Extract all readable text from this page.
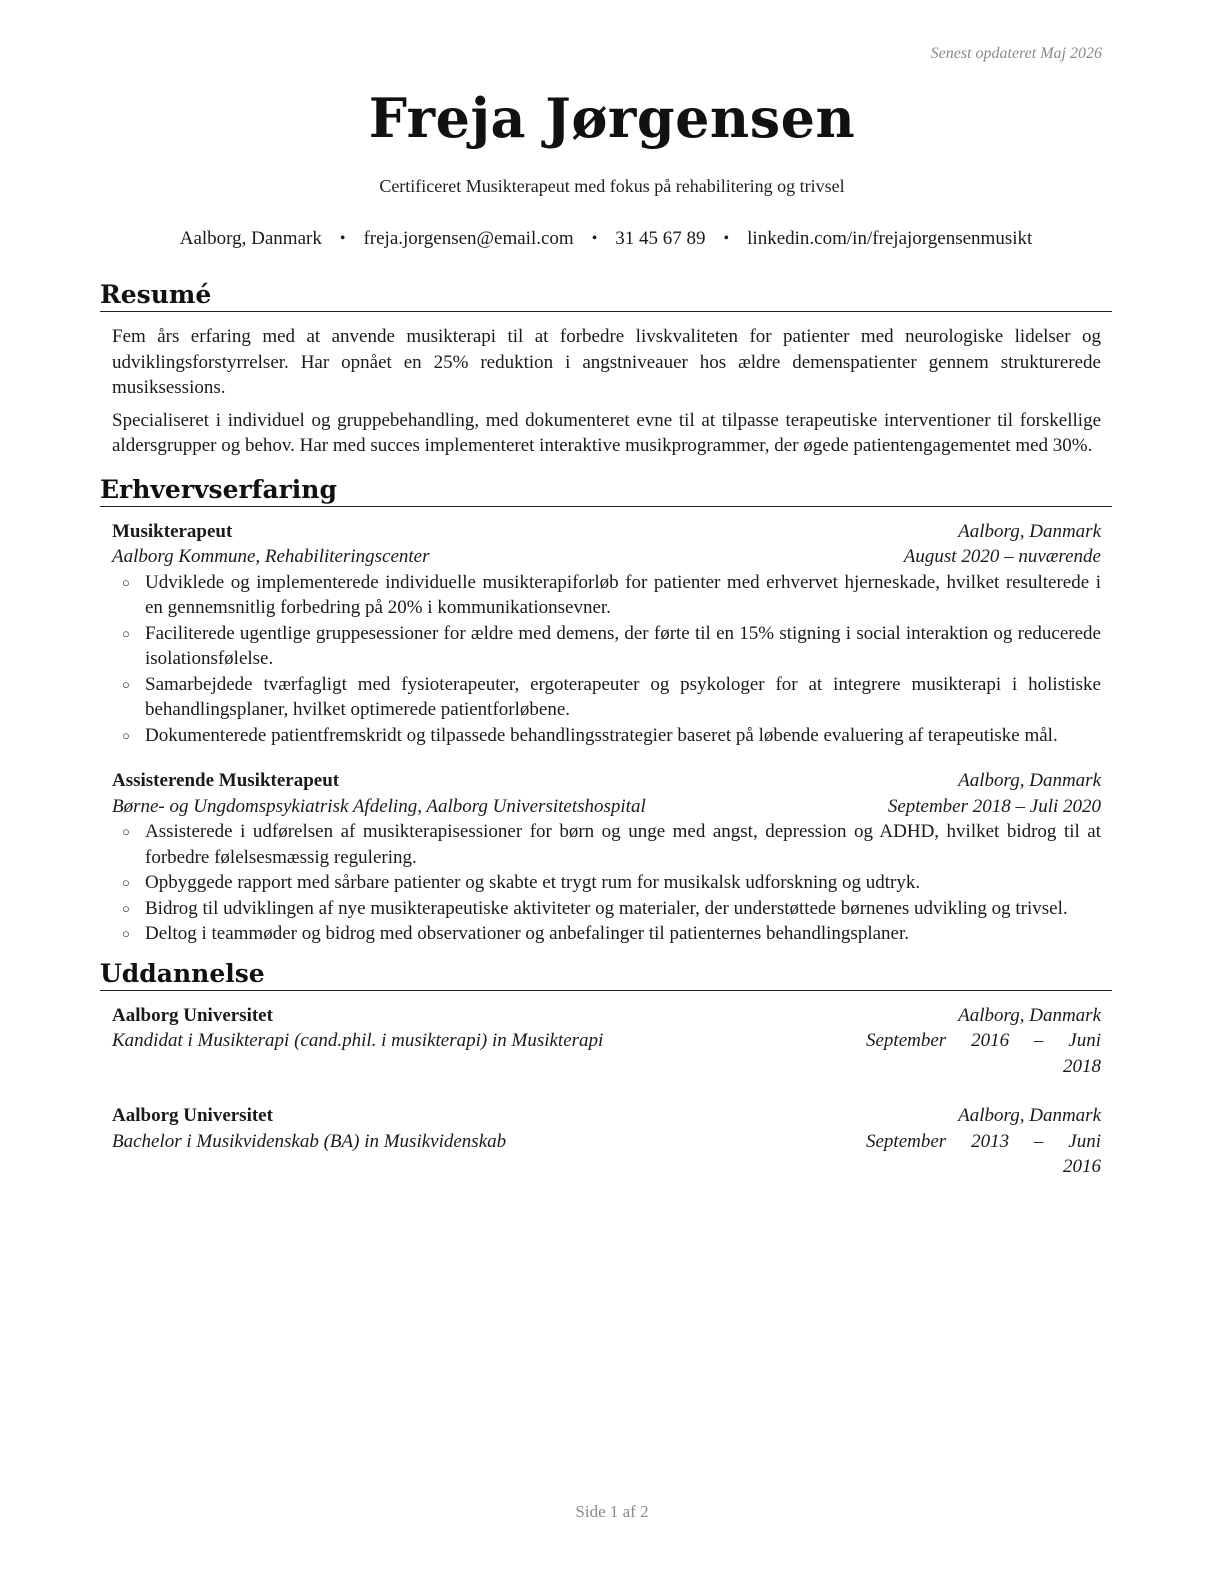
Senest opdateret Maj 2026
Freja Jørgensen
Certificeret Musikterapeut med fokus på rehabilitering og trivsel
Aalborg, Danmark • freja.jorgensen@email.com • 31 45 67 89 • linkedin.com/in/frejajorgensenmusikt
Resumé

Fem års erfaring med at anvende musikterapi til at forbedre livskvaliteten for patienter med neurologiske lidelser og udviklingsforstyrrelser. Har opnået en 25% reduktion i angstniveauer hos ældre demenspatienter gennem strukturerede musiksessions.

Specialiseret i individuel og gruppebehandling, med dokumenteret evne til at tilpasse terapeutiske interventioner til forskellige aldersgrupper og behov. Har med succes implementeret interaktive musikprogrammer, der øgede patientengagementet med 30%.

Erhvervserfaring
Musikterapeut	Aalborg, Danmark
Aalborg Kommune, Rehabiliteringscenter	August 2020 – nuværende
○ Udviklede og implementerede individuelle musikterapiforløb for patienter med erhvervet hjerneskade, hvilket resulterede i en gennemsnitlig forbedring på 20% i kommunikationsevner.
○ Faciliterede ugentlige gruppesessioner for ældre med demens, der førte til en 15% stigning i social interaktion og reducerede isolationsfølelse.
○ Samarbejdede tværfagligt med fysioterapeuter, ergoterapeuter og psykologer for at integrere musikterapi i holistiske behandlingsplaner, hvilket optimerede patientforløbene.
○ Dokumenterede patientfremskridt og tilpassede behandlingsstrategier baseret på løbende evaluering af terapeutiske mål.
Assisterende Musikterapeut	Aalborg, Danmark
Børne- og Ungdomspsykiatrisk Afdeling, Aalborg Universitetshospital	September 2018 – Juli 2020
○ Assisterede i udførelsen af musikterapisessioner for børn og unge med angst, depression og ADHD, hvilket bidrog til at forbedre følelsesmæssig regulering.
○ Opbyggede rapport med sårbare patienter og skabte et trygt rum for musikalsk udforskning og udtryk.
○ Bidrog til udviklingen af nye musikterapeutiske aktiviteter og materialer, der understøttede børnenes udvikling og trivsel.
○ Deltog i teammøder og bidrog med observationer og anbefalinger til patienternes behandlingsplaner.
Uddannelse
Aalborg Universitet	Aalborg, Danmark
Kandidat i Musikterapi (cand.phil. i musikterapi) in Musikterapi	September 2016 – Juni
2018
Aalborg Universitet	Aalborg, Danmark
Bachelor i Musikvidenskab (BA) in Musikvidenskab	September 2013 – Juni
2016
Side 1 af 2
